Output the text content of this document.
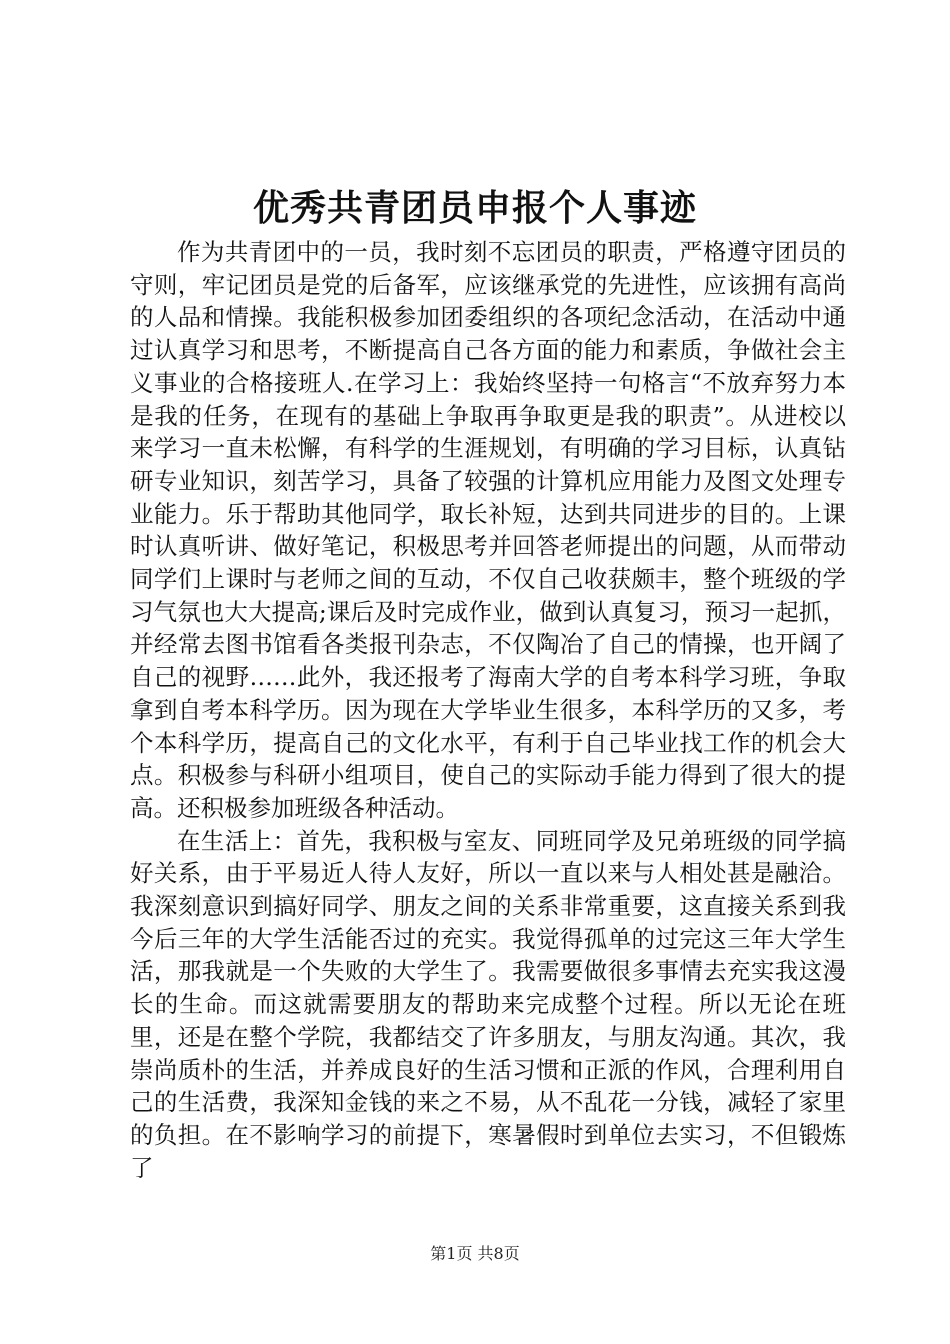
优秀共青团员申报个人事迹

作为共青团中的一员，我时刻不忘团员的职责，严格遵守团员的守则，牢记团员是党的后备军，应该继承党的先进性，应该拥有高尚的人品和情操。我能积极参加团委组织的各项纪念活动，在活动中通过认真学习和思考，不断提高自己各方面的能力和素质，争做社会主义事业的合格接班人.在学习上：我始终坚持一句格言“不放弃努力本是我的任务，在现有的基础上争取再争取更是我的职责”。从进校以来学习一直未松懈，有科学的生涯规划，有明确的学习目标，认真钻研专业知识，刻苦学习，具备了较强的计算机应用能力及图文处理专业能力。乐于帮助其他同学，取长补短，达到共同进步的目的。上课时认真听讲、做好笔记，积极思考并回答老师提出的问题，从而带动同学们上课时与老师之间的互动，不仅自己收获颇丰，整个班级的学习气氛也大大提高;课后及时完成作业，做到认真复习，预习一起抓，并经常去图书馆看各类报刊杂志，不仅陶冶了自己的情操，也开阔了自己的视野……此外，我还报考了海南大学的自考本科学习班，争取拿到自考本科学历。因为现在大学毕业生很多，本科学历的又多，考个本科学历，提高自己的文化水平，有利于自己毕业找工作的机会大点。积极参与科研小组项目，使自己的实际动手能力得到了很大的提高。还积极参加班级各种活动。

在生活上：首先，我积极与室友、同班同学及兄弟班级的同学搞好关系，由于平易近人待人友好，所以一直以来与人相处甚是融洽。我深刻意识到搞好同学、朋友之间的关系非常重要，这直接关系到我今后三年的大学生活能否过的充实。我觉得孤单的过完这三年大学生活，那我就是一个失败的大学生了。我需要做很多事情去充实我这漫长的生命。而这就需要朋友的帮助来完成整个过程。所以无论在班里，还是在整个学院，我都结交了许多朋友，与朋友沟通。其次，我崇尚质朴的生活，并养成良好的生活习惯和正派的作风，合理利用自己的生活费，我深知金钱的来之不易，从不乱花一分钱，减轻了家里的负担。在不影响学习的前提下，寒暑假时到单位去实习，不但锻炼了

第1页 共8页
